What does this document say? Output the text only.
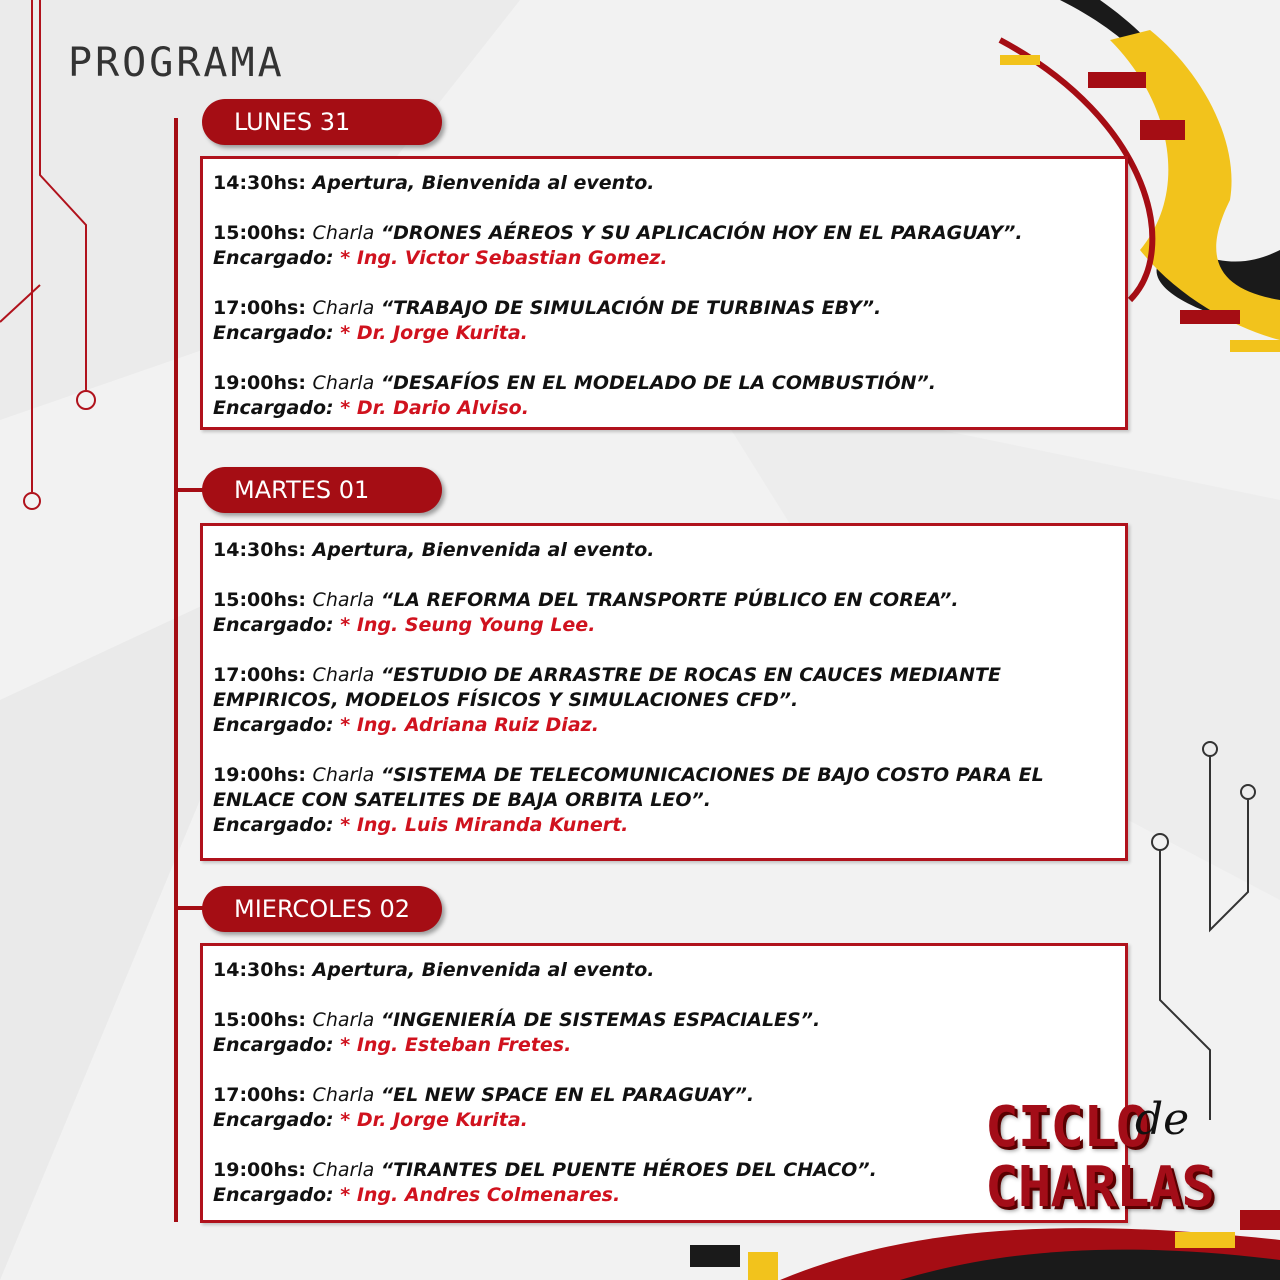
PROGRAMA
LUNES 31
14:30hs: Apertura, Bienvenida al evento.
15:00hs: Charla “DRONES AÉREOS Y SU APLICACIÓN HOY EN EL PARAGUAY”.
Encargado: * Ing. Victor Sebastian Gomez.
17:00hs: Charla “TRABAJO DE SIMULACIÓN DE TURBINAS EBY”.
Encargado: * Dr. Jorge Kurita.
19:00hs: Charla “DESAFÍOS EN EL MODELADO DE LA COMBUSTIÓN”.
Encargado: * Dr. Dario Alviso.
MARTES 01
14:30hs: Apertura, Bienvenida al evento.
15:00hs: Charla “LA REFORMA DEL TRANSPORTE PÚBLICO EN COREA”.
Encargado: * Ing. Seung Young Lee.
17:00hs: Charla “ESTUDIO DE ARRASTRE DE ROCAS EN CAUCES MEDIANTE EMPIRICOS, MODELOS FÍSICOS Y SIMULACIONES CFD”.
Encargado: * Ing. Adriana Ruiz Diaz.
19:00hs: Charla “SISTEMA DE TELECOMUNICACIONES DE BAJO COSTO PARA EL ENLACE CON SATELITES DE BAJA ORBITA LEO”.
Encargado: * Ing. Luis Miranda Kunert.
MIERCOLES 02
14:30hs: Apertura, Bienvenida al evento.
15:00hs: Charla “INGENIERÍA DE SISTEMAS ESPACIALES”.
Encargado: * Ing. Esteban Fretes.
17:00hs: Charla “EL NEW SPACE EN EL PARAGUAY”.
Encargado: * Dr. Jorge Kurita.
19:00hs: Charla “TIRANTES DEL PUENTE HÉROES DEL CHACO”.
Encargado: * Ing. Andres Colmenares.
CICLO
de
CHARLAS
